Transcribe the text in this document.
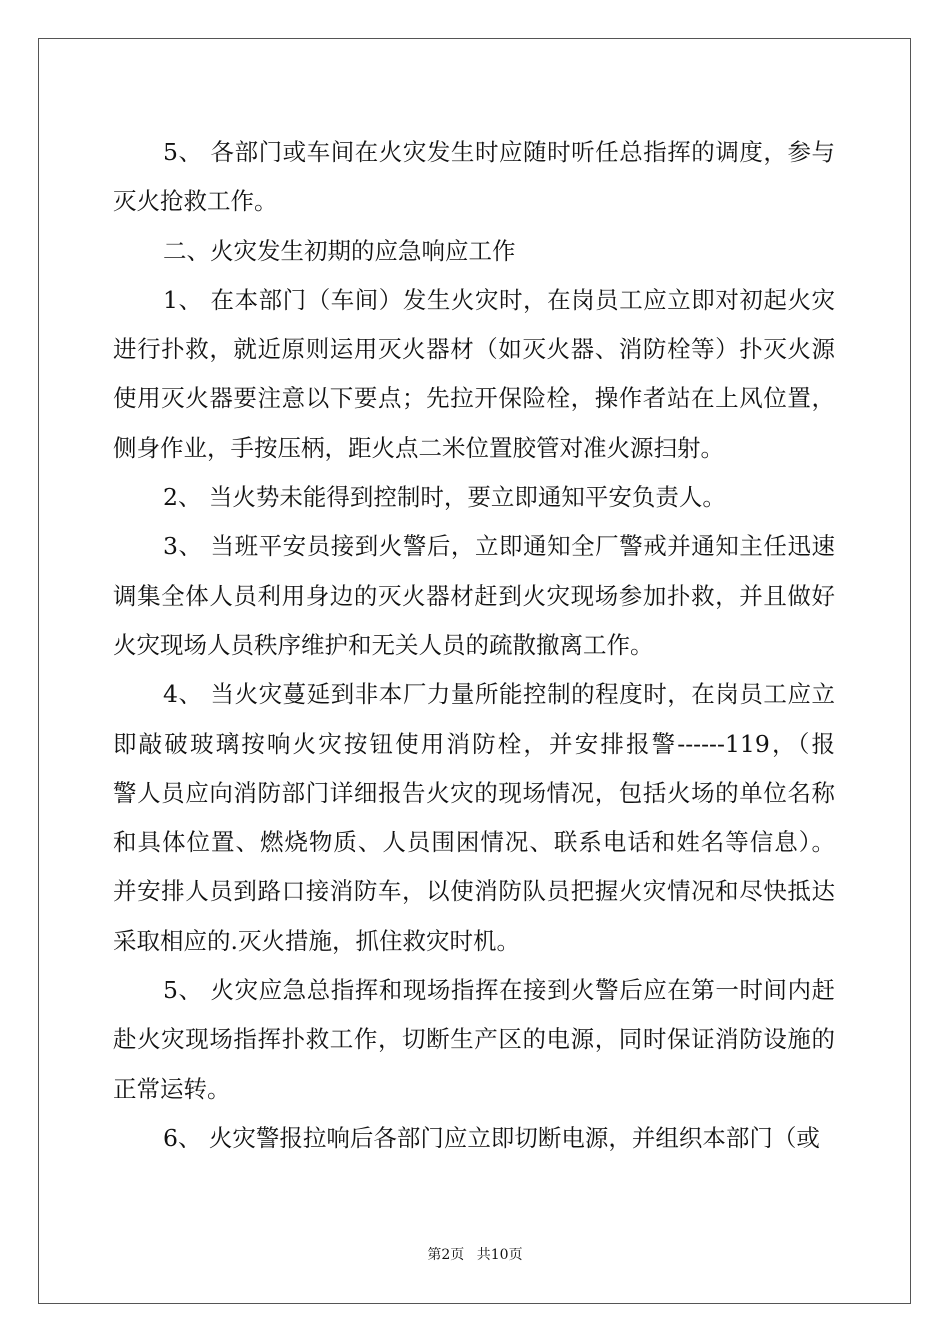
5、 各部门或车间在火灾发生时应随时听任总指挥的调度，参与
灭火抢救工作。
二、火灾发生初期的应急响应工作
1、 在本部门（车间）发生火灾时，在岗员工应立即对初起火灾
进行扑救，就近原则运用灭火器材（如灭火器、消防栓等）扑灭火源
使用灭火器要注意以下要点；先拉开保险栓，操作者站在上风位置，
侧身作业，手按压柄，距火点二米位置胶管对准火源扫射。
2、 当火势未能得到控制时，要立即通知平安负责人。
3、 当班平安员接到火警后，立即通知全厂警戒并通知主任迅速
调集全体人员利用身边的灭火器材赶到火灾现场参加扑救，并且做好
火灾现场人员秩序维护和无关人员的疏散撤离工作。
4、 当火灾蔓延到非本厂力量所能控制的程度时，在岗员工应立
即敲破玻璃按响火灾按钮使用消防栓，并安排报警------119，（报
警人员应向消防部门详细报告火灾的现场情况，包括火场的单位名称
和具体位置、燃烧物质、人员围困情况、联系电话和姓名等信息）。
并安排人员到路口接消防车，以使消防队员把握火灾情况和尽快抵达
采取相应的.灭火措施，抓住救灾时机。
5、 火灾应急总指挥和现场指挥在接到火警后应在第一时间内赶
赴火灾现场指挥扑救工作，切断生产区的电源，同时保证消防设施的
正常运转。
6、 火灾警报拉响后各部门应立即切断电源，并组织本部门（或
第2页 共10页
